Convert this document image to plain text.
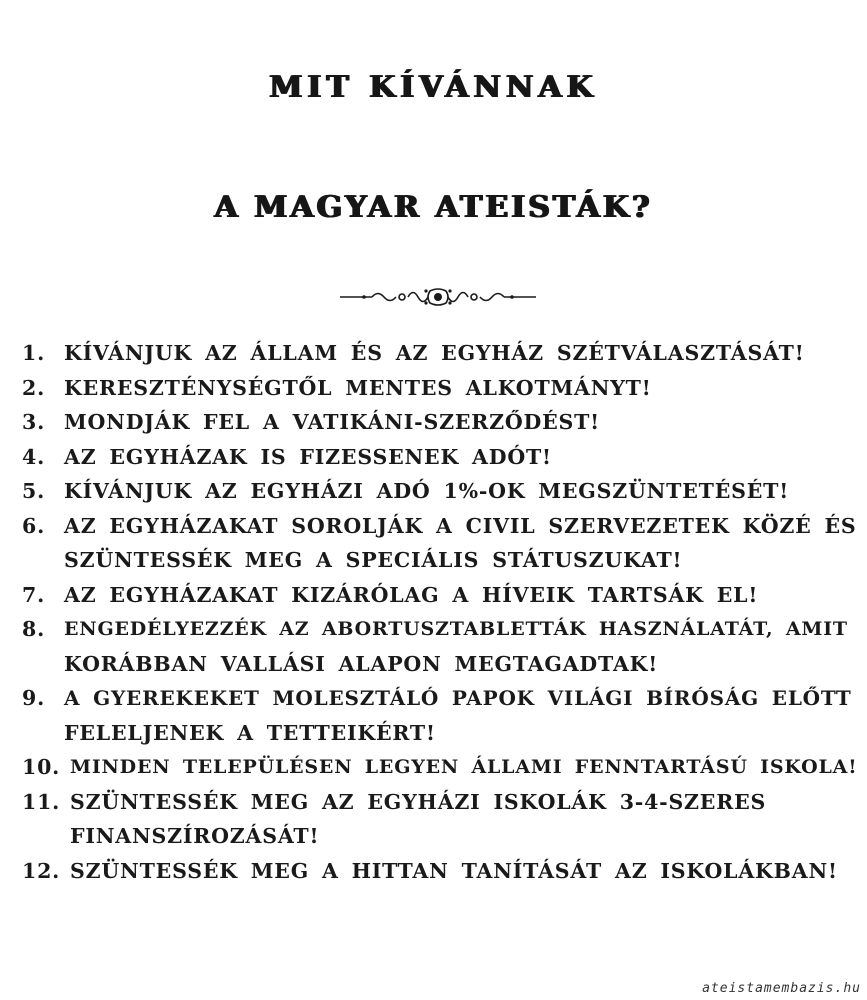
MIT KÍVÁNNAK
A MAGYAR ATEISTÁK?
1. KÍVÁNJUK AZ ÁLLAM ÉS AZ EGYHÁZ SZÉTVÁLASZTÁSÁT!
2. KERESZTÉNYSÉGTŐL MENTES ALKOTMÁNYT!
3. MONDJÁK FEL A VATIKÁNI-SZERZŐDÉST!
4. AZ EGYHÁZAK IS FIZESSENEK ADÓT!
5. KÍVÁNJUK AZ EGYHÁZI ADÓ 1%-OK MEGSZÜNTETÉSÉT!
6. AZ EGYHÁZAKAT SOROLJÁK A CIVIL SZERVEZETEK KÖZÉ ÉS
SZÜNTESSÉK MEG A SPECIÁLIS STÁTUSZUKAT!
7. AZ EGYHÁZAKAT KIZÁRÓLAG A HÍVEIK TARTSÁK EL!
8. ENGEDÉLYEZZÉK AZ ABORTUSZTABLETTÁK HASZNÁLATÁT, AMIT
KORÁBBAN VALLÁSI ALAPON MEGTAGADTAK!
9. A GYEREKEKET MOLESZTÁLÓ PAPOK VILÁGI BÍRÓSÁG ELŐTT
FELELJENEK A TETTEIKÉRT!
10. MINDEN TELEPÜLÉSEN LEGYEN ÁLLAMI FENNTARTÁSÚ ISKOLA!
11. SZÜNTESSÉK MEG AZ EGYHÁZI ISKOLÁK 3-4-SZERES
FINANSZÍROZÁSÁT!
12. SZÜNTESSÉK MEG A HITTAN TANÍTÁSÁT AZ ISKOLÁKBAN!
ateistamembazis.hu
